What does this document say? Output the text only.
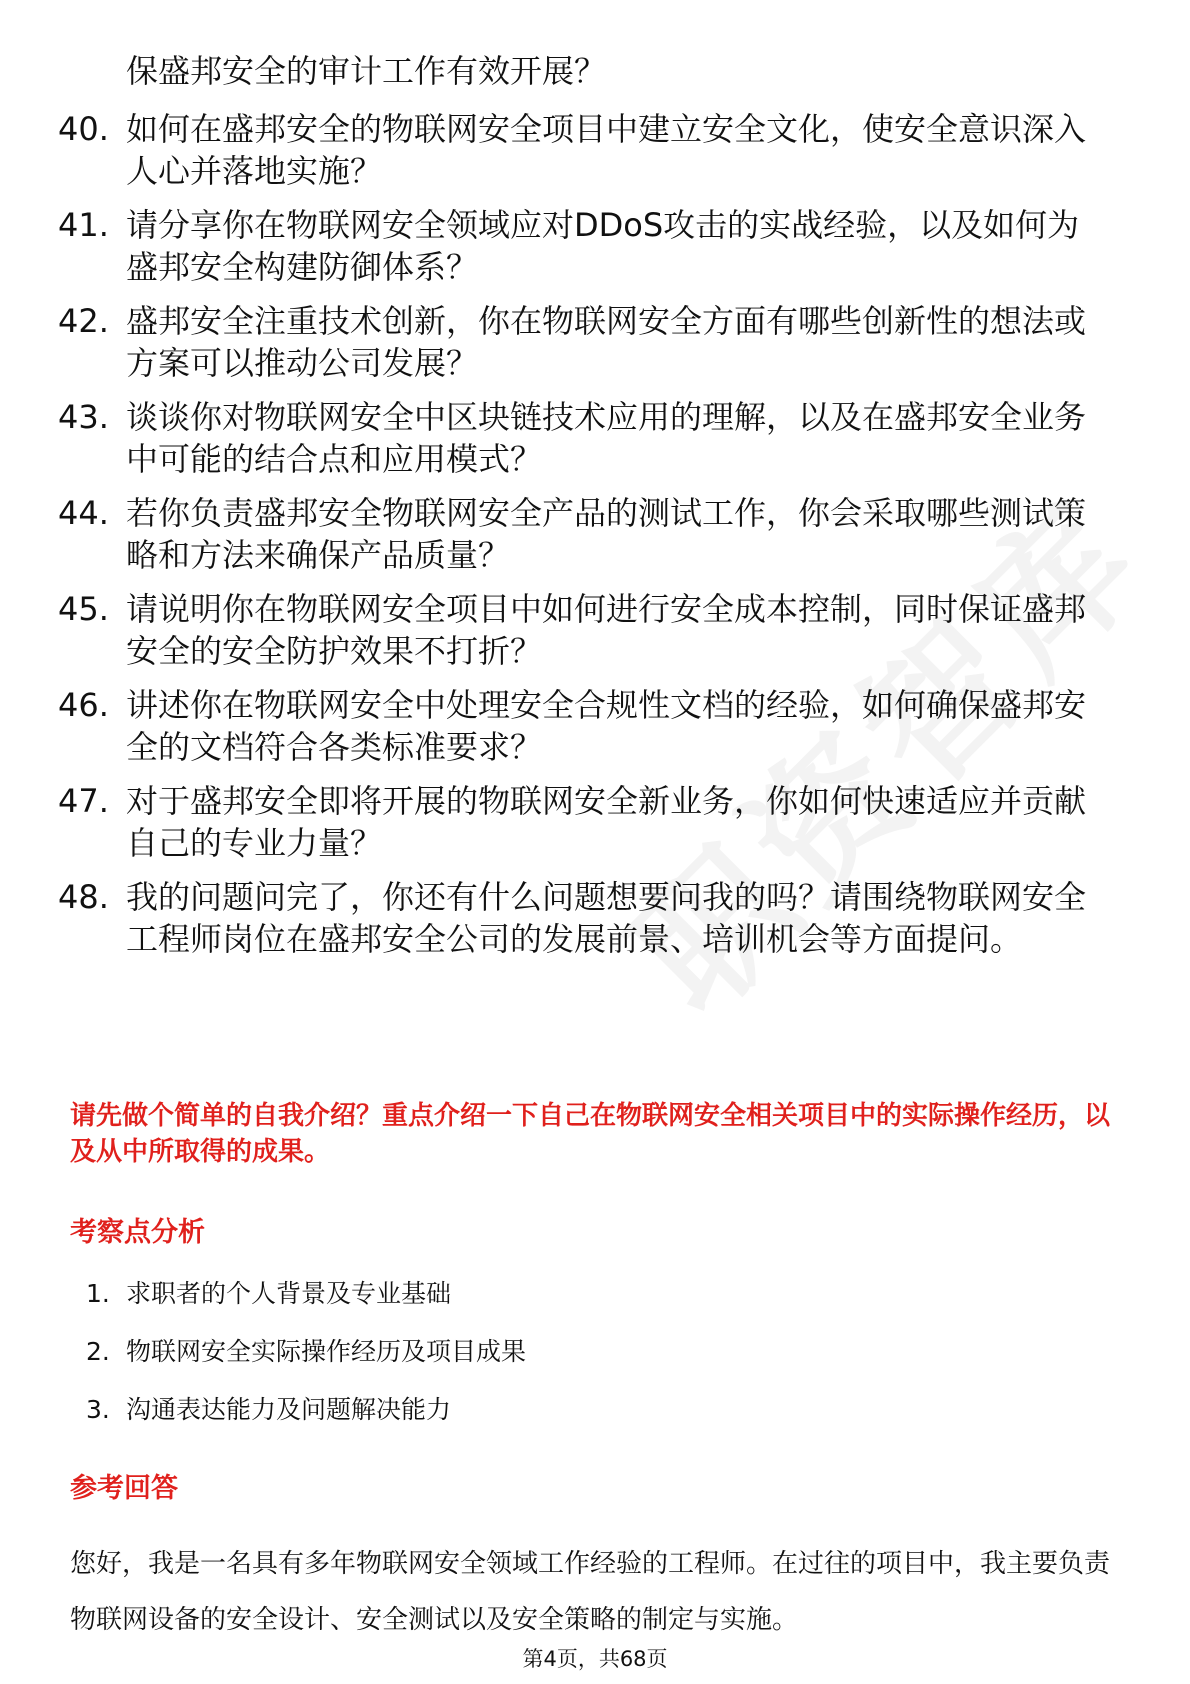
保盛邦安全的审计工作有效开展？
40. 如何在盛邦安全的物联网安全项目中建立安全文化，使安全意识深入人心并落地实施？
41. 请分享你在物联网安全领域应对DDoS攻击的实战经验，以及如何为盛邦安全构建防御体系？
42. 盛邦安全注重技术创新，你在物联网安全方面有哪些创新性的想法或方案可以推动公司发展？
43. 谈谈你对物联网安全中区块链技术应用的理解，以及在盛邦安全业务中可能的结合点和应用模式？
44. 若你负责盛邦安全物联网安全产品的测试工作，你会采取哪些测试策略和方法来确保产品质量？
45. 请说明你在物联网安全项目中如何进行安全成本控制，同时保证盛邦安全的安全防护效果不打折？
46. 讲述你在物联网安全中处理安全合规性文档的经验，如何确保盛邦安全的文档符合各类标准要求？
47. 对于盛邦安全即将开展的物联网安全新业务，你如何快速适应并贡献自己的专业力量？
48. 我的问题问完了，你还有什么问题想要问我的吗？请围绕物联网安全工程师岗位在盛邦安全公司的发展前景、培训机会等方面提问。
请先做个简单的自我介绍？重点介绍一下自己在物联网安全相关项目中的实际操作经历，以及从中所取得的成果。
考察点分析
1. 求职者的个人背景及专业基础
2. 物联网安全实际操作经历及项目成果
3. 沟通表达能力及问题解决能力
参考回答
您好，我是一名具有多年物联网安全领域工作经验的工程师。在过往的项目中，我主要负责物联网设备的安全设计、安全测试以及安全策略的制定与实施。
第4页，共68页
